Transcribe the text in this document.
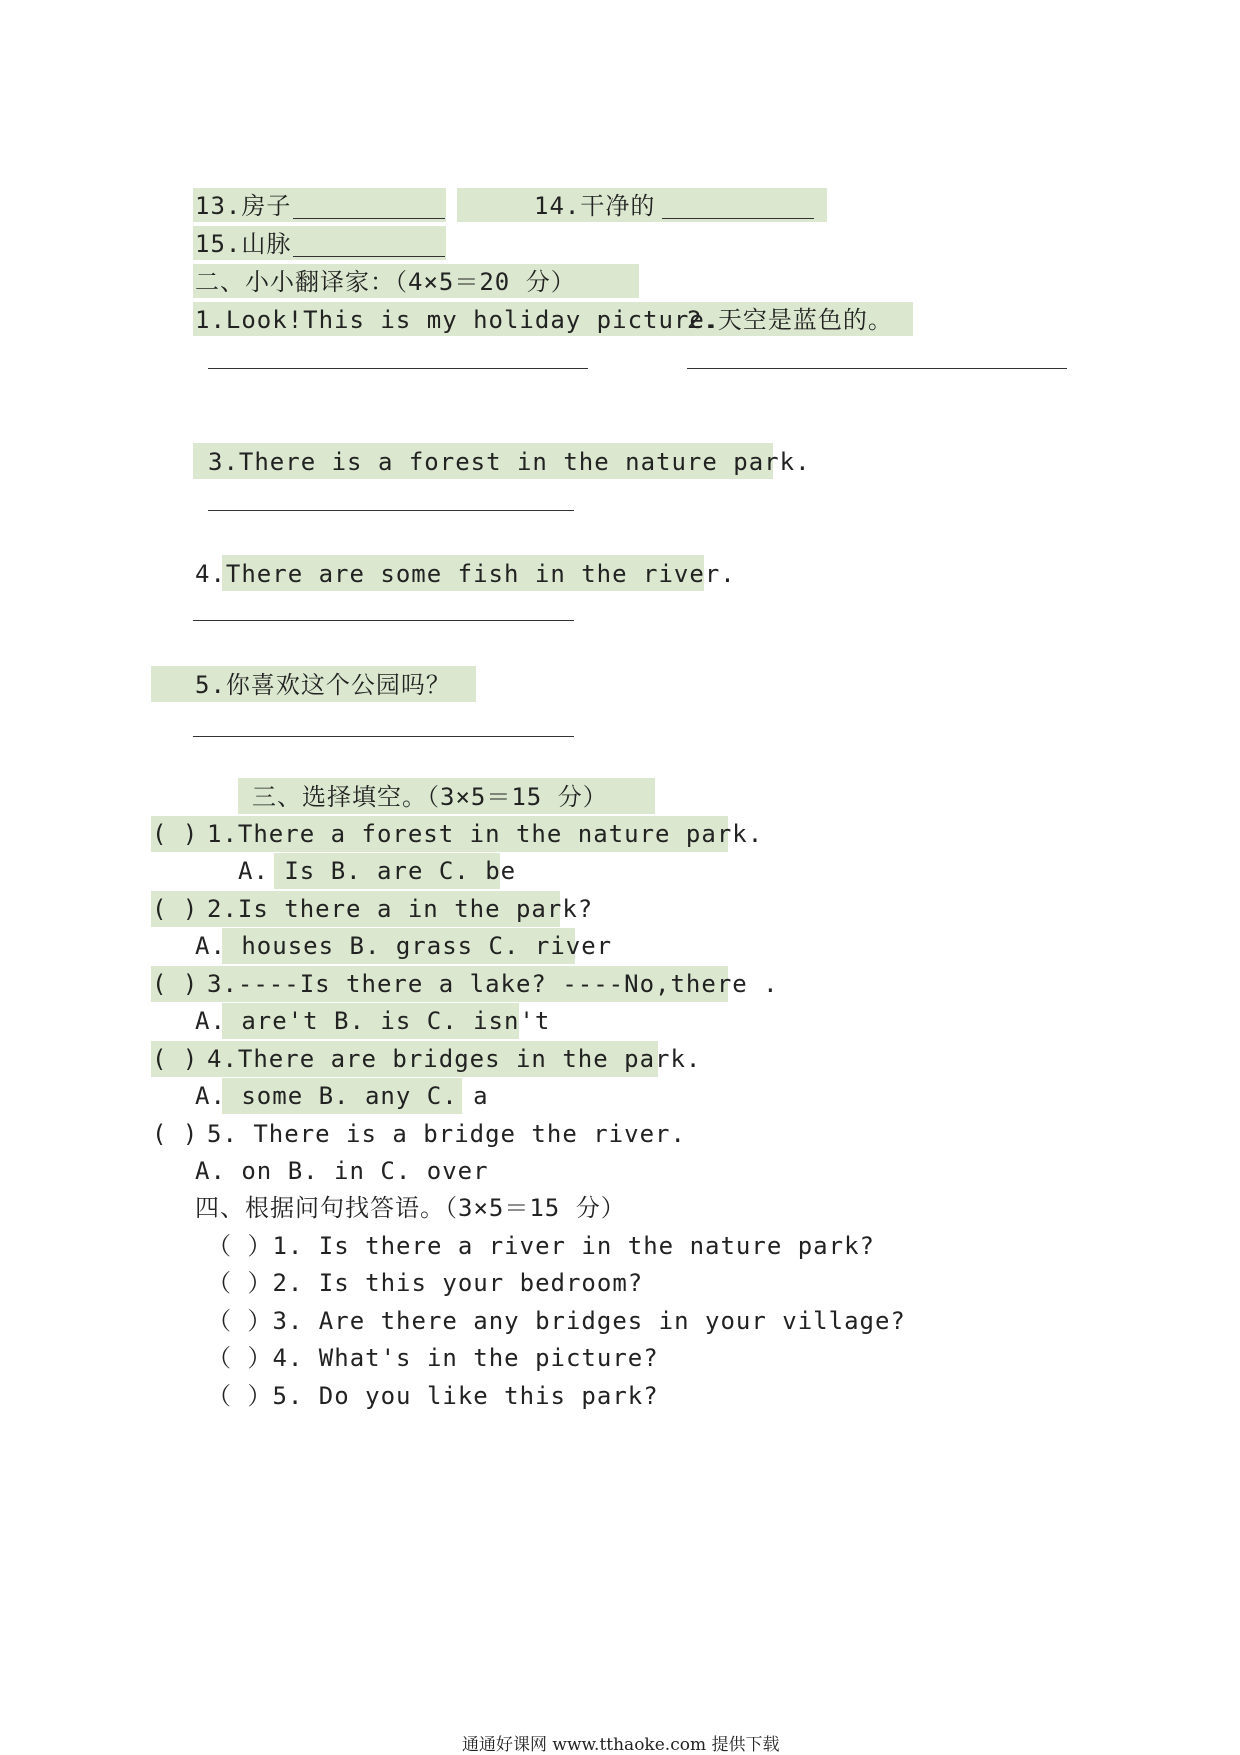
13.房子	14.干净的
15.山脉
二、小小翻译家：（4×5＝20 分）
1.Look!This is my holiday picture.
2.天空是蓝色的。
3.There is a forest in the nature park.
4.There are some fish in the river.
5.你喜欢这个公园吗？
三、选择填空。（3×5＝15 分）
( ) 1.There a forest in the nature park.
A. Is B. are C. be
( ) 2.Is there a in the park?
A. houses B. grass C. river
( ) 3.----Is there a lake? ----No,there .
A. are't B. is C. isn't
( ) 4.There are bridges in the park.
A. some B. any C. a
( ) 5. There is a bridge the river.
A. on B. in C. over
四、根据问句找答语。（3×5＝15 分）
（ ）1. Is there a river in the nature park?
（ ）2. Is this your bedroom?
（ ）3. Are there any bridges in your village?
（ ）4. What's in the picture?
（ ）5. Do you like this park?
通通好课网 www.tthaoke.com 提供下载
